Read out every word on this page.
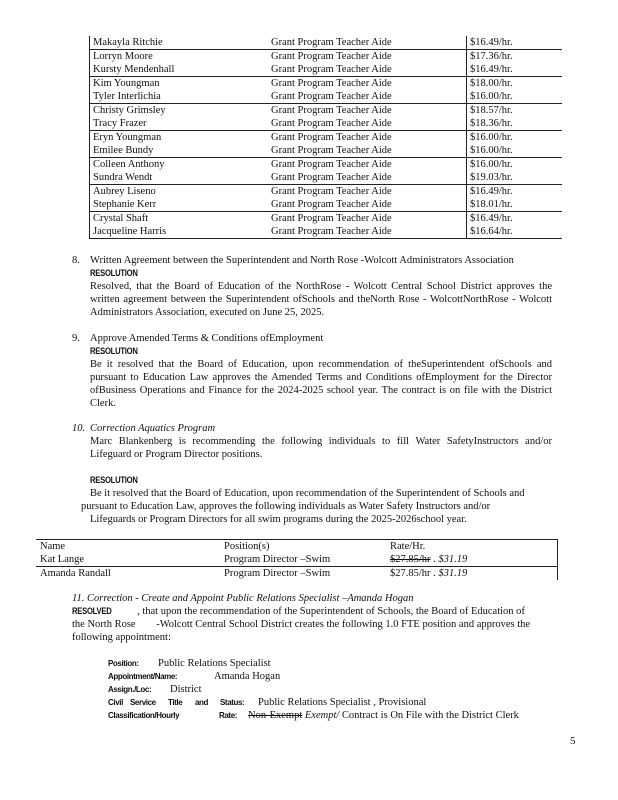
Makayla Ritchie	Grant Program Teacher Aide	$16.49/hr.
Lorryn Moore	Grant Program Teacher Aide	$17.36/hr.
Kursty Mendenhall	Grant Program Teacher Aide	$16.49/hr.
Kim Youngman	Grant Program Teacher Aide	$18.00/hr.
Tyler Interlichia	Grant Program Teacher Aide	$16.00/hr.
Christy Grimsley	Grant Program Teacher Aide	$18.57/hr.
Tracy Frazer	Grant Program Teacher Aide	$18.36/hr.
Eryn Youngman	Grant Program Teacher Aide	$16.00/hr.
Emilee Bundy	Grant Program Teacher Aide	$16.00/hr.
Colleen Anthony	Grant Program Teacher Aide	$16.00/hr.
Sundra Wendt	Grant Program Teacher Aide	$19.03/hr.
Aubrey Liseno	Grant Program Teacher Aide	$16.49/hr.
Stephanie Kerr	Grant Program Teacher Aide	$18.01/hr.
Crystal Shaft	Grant Program Teacher Aide	$16.49/hr.
Jacqueline Harris	Grant Program Teacher Aide	$16.64/hr.
8. Written Agreement between the Superintendent and North Rose -Wolcott Administrators Association
RESOLUTION
Resolved, that the Board of Education of the NorthRose - Wolcott Central School District approves the written agreement between the Superintendent ofSchools and theNorth Rose - WolcottNorthRose - Wolcott Administrators Association, executed on June 25, 2025.
9. Approve Amended Terms & Conditions ofEmployment
RESOLUTION
Be it resolved that the Board of Education, upon recommendation of theSuperintendent ofSchools and pursuant to Education Law approves the Amended Terms and Conditions ofEmployment for the Director ofBusiness Operations and Finance for the 2024-2025 school year. The contract is on file with the District Clerk.
10. Correction Aquatics Program
Marc Blankenberg is recommending the following individuals to fill Water SafetyInstructors and/or Lifeguard or Program Director positions.
RESOLUTION
Be it resolved that the Board of Education, upon recommendation of the Superintendent of Schools and
pursuant to Education Law, approves the following individuals as Water Safety Instructors and/or
Lifeguards or Program Directors for all swim programs during the 2025-2026school year.
Name	Position(s)	Rate/Hr.
Kat Lange	Program Director –Swim	$27.85/hr . $31.19
Amanda Randall	Program Director –Swim	$27.85/hr . $31.19
11. Correction - Create and Appoint Public Relations Specialist –Amanda Hogan
RESOLVED , that upon the recommendation of the Superintendent of Schools, the Board of Education of
the North Rose -Wolcott Central School District creates the following 1.0 FTE position and approves the
following appointment:
Position: Public Relations Specialist
Appointment/Name:	Amanda Hogan
Assign./Loc: District
Civil Service Title and Status: Public Relations Specialist , Provisional
Classification/Hourly	Rate: Non-Exempt Exempt/ Contract is On File with the District Clerk
5
